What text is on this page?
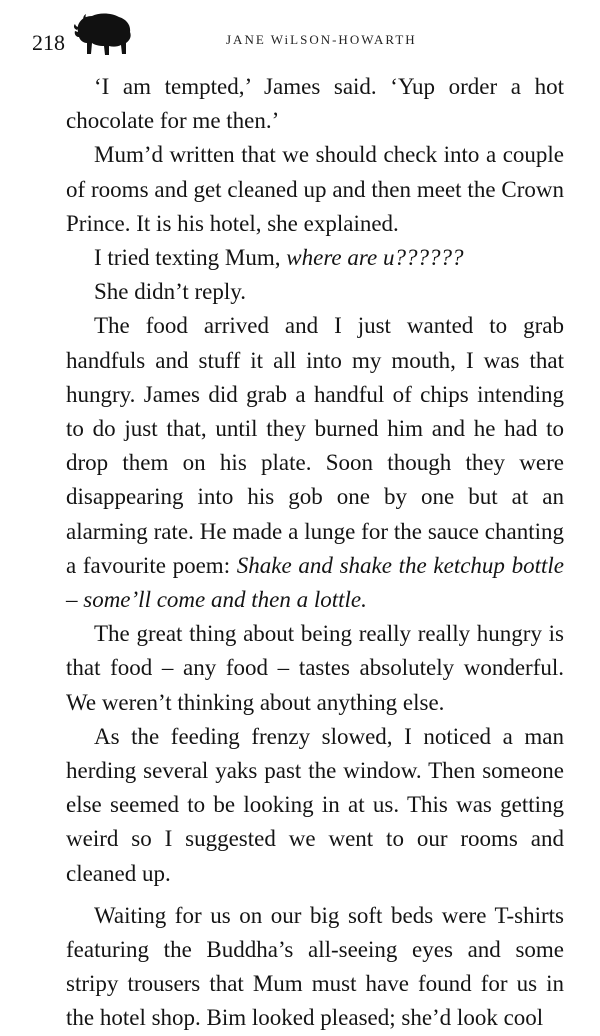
218	JANE WiLSON-HOWARTH

‘I am tempted,’ James said. ‘Yup order a hot chocolate for me then.’

Mum’d written that we should check into a couple of rooms and get cleaned up and then meet the Crown Prince. It is his hotel, she explained.

I tried texting Mum, where are u??????

She didn’t reply.

The food arrived and I just wanted to grab handfuls and stuff it all into my mouth, I was that hungry. James did grab a handful of chips intending to do just that, until they burned him and he had to drop them on his plate. Soon though they were disappearing into his gob one by one but at an alarming rate. He made a lunge for the sauce chanting a favourite poem: Shake and shake the ketchup bottle – some’ll come and then a lottle.

The great thing about being really really hungry is that food – any food – tastes absolutely wonderful. We weren’t thinking about anything else.

As the feeding frenzy slowed, I noticed a man herding several yaks past the window. Then someone else seemed to be looking in at us. This was getting weird so I suggested we went to our rooms and cleaned up.

Waiting for us on our big soft beds were T-shirts featuring the Buddha’s all-seeing eyes and some stripy trousers that Mum must have found for us in the hotel shop. Bim looked pleased; she’d look cool
